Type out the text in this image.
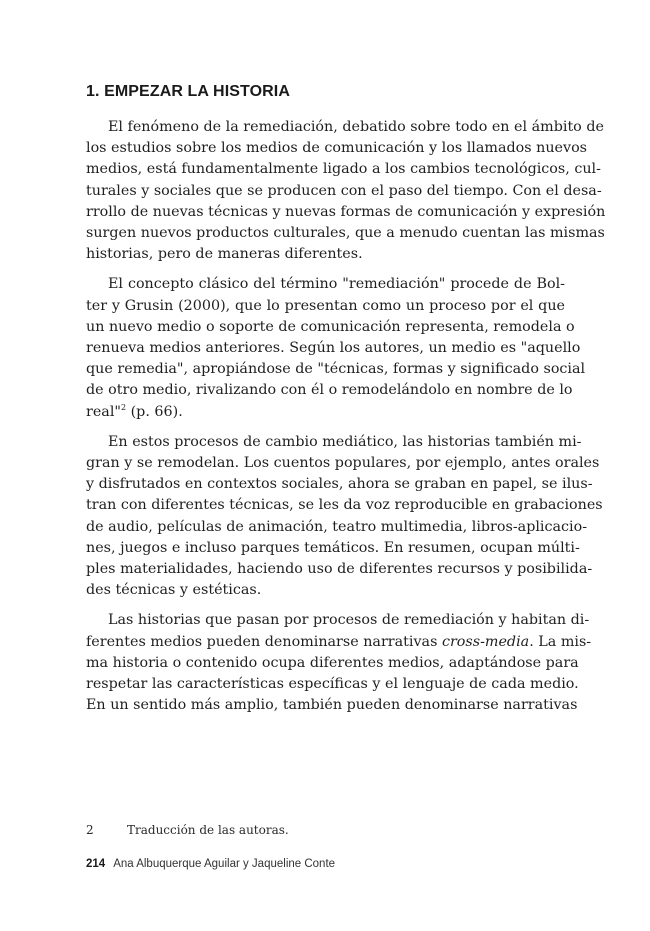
1. EMPEZAR LA HISTORIA

El fenómeno de la remediación, debatido sobre todo en el ámbito de
los estudios sobre los medios de comunicación y los llamados nuevos
medios, está fundamentalmente ligado a los cambios tecnológicos, cul-
turales y sociales que se producen con el paso del tiempo. Con el desa-
rrollo de nuevas técnicas y nuevas formas de comunicación y expresión
surgen nuevos productos culturales, que a menudo cuentan las mismas
historias, pero de maneras diferentes.

El concepto clásico del término "remediación" procede de Bol-
ter y Grusin (2000), que lo presentan como un proceso por el que
un nuevo medio o soporte de comunicación representa, remodela o
renueva medios anteriores. Según los autores, un medio es "aquello
que remedia", apropiándose de "técnicas, formas y significado social
de otro medio, rivalizando con él o remodelándolo en nombre de lo
real"$^2$ (p. 66).

En estos procesos de cambio mediático, las historias también mi-
gran y se remodelan. Los cuentos populares, por ejemplo, antes orales
y disfrutados en contextos sociales, ahora se graban en papel, se ilus-
tran con diferentes técnicas, se les da voz reproducible en grabaciones
de audio, películas de animación, teatro multimedia, libros-aplicacio-
nes, juegos e incluso parques temáticos. En resumen, ocupan múlti-
ples materialidades, haciendo uso de diferentes recursos y posibilida-
des técnicas y estéticas.

Las historias que pasan por procesos de remediación y habitan di-
ferentes medios pueden denominarse narrativas cross-media. La mis-
ma historia o contenido ocupa diferentes medios, adaptándose para
respetar las características específicas y el lenguaje de cada medio.
En un sentido más amplio, también pueden denominarse narrativas

2	Traducción de las autoras.
214 Ana Albuquerque Aguilar y Jaqueline Conte
